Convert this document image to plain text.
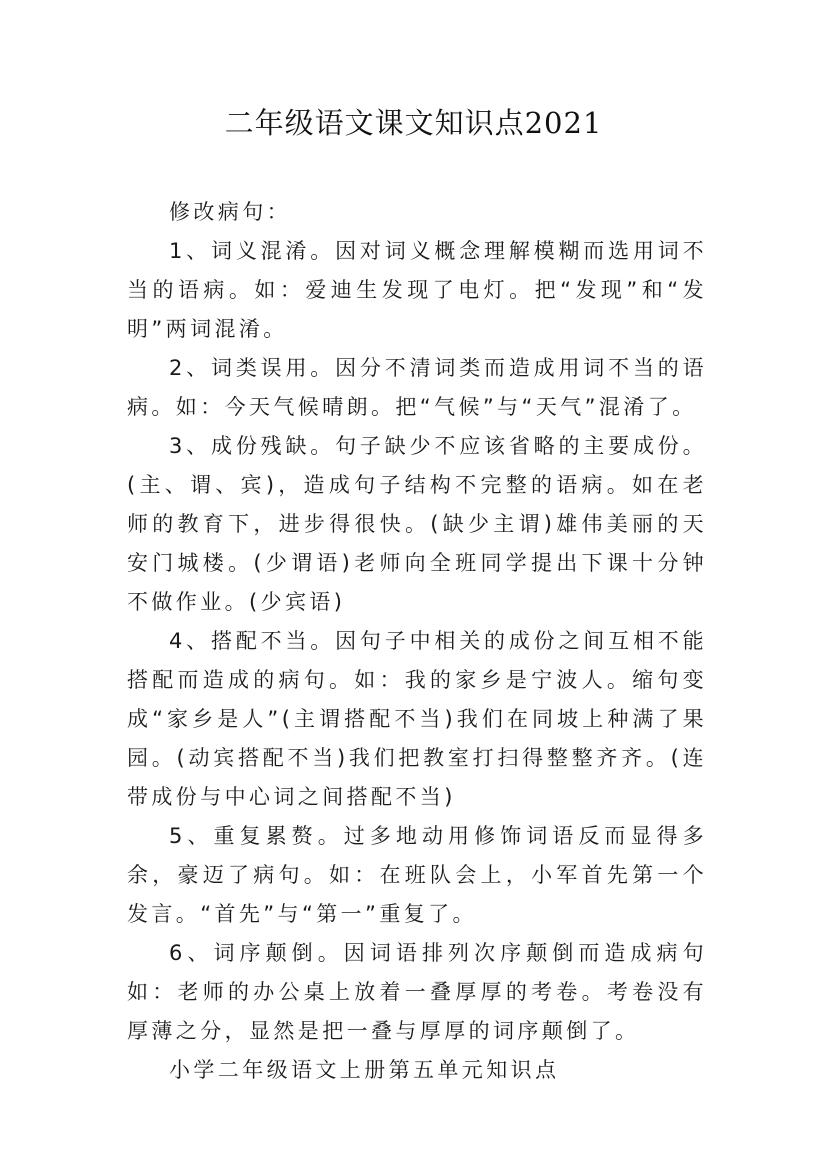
二年级语文课文知识点2021

修改病句：

1、词义混淆。因对词义概念理解模糊而选用词不当的语病。如：爱迪生发现了电灯。把“发现”和“发明”两词混淆。

2、词类误用。因分不清词类而造成用词不当的语病。如：今天气候晴朗。把“气候”与“天气”混淆了。

3、成份残缺。句子缺少不应该省略的主要成份。(主、谓、宾)，造成句子结构不完整的语病。如在老师的教育下，进步得很快。(缺少主谓)雄伟美丽的天安门城楼。(少谓语)老师向全班同学提出下课十分钟不做作业。(少宾语)

4、搭配不当。因句子中相关的成份之间互相不能搭配而造成的病句。如：我的家乡是宁波人。缩句变成“家乡是人”(主谓搭配不当)我们在同坡上种满了果园。(动宾搭配不当)我们把教室打扫得整整齐齐。(连带成份与中心词之间搭配不当)

5、重复累赘。过多地动用修饰词语反而显得多余，豪迈了病句。如：在班队会上，小军首先第一个发言。“首先”与“第一”重复了。

6、词序颠倒。因词语排列次序颠倒而造成病句如：老师的办公桌上放着一叠厚厚的考卷。考卷没有厚薄之分，显然是把一叠与厚厚的词序颠倒了。

小学二年级语文上册第五单元知识点
